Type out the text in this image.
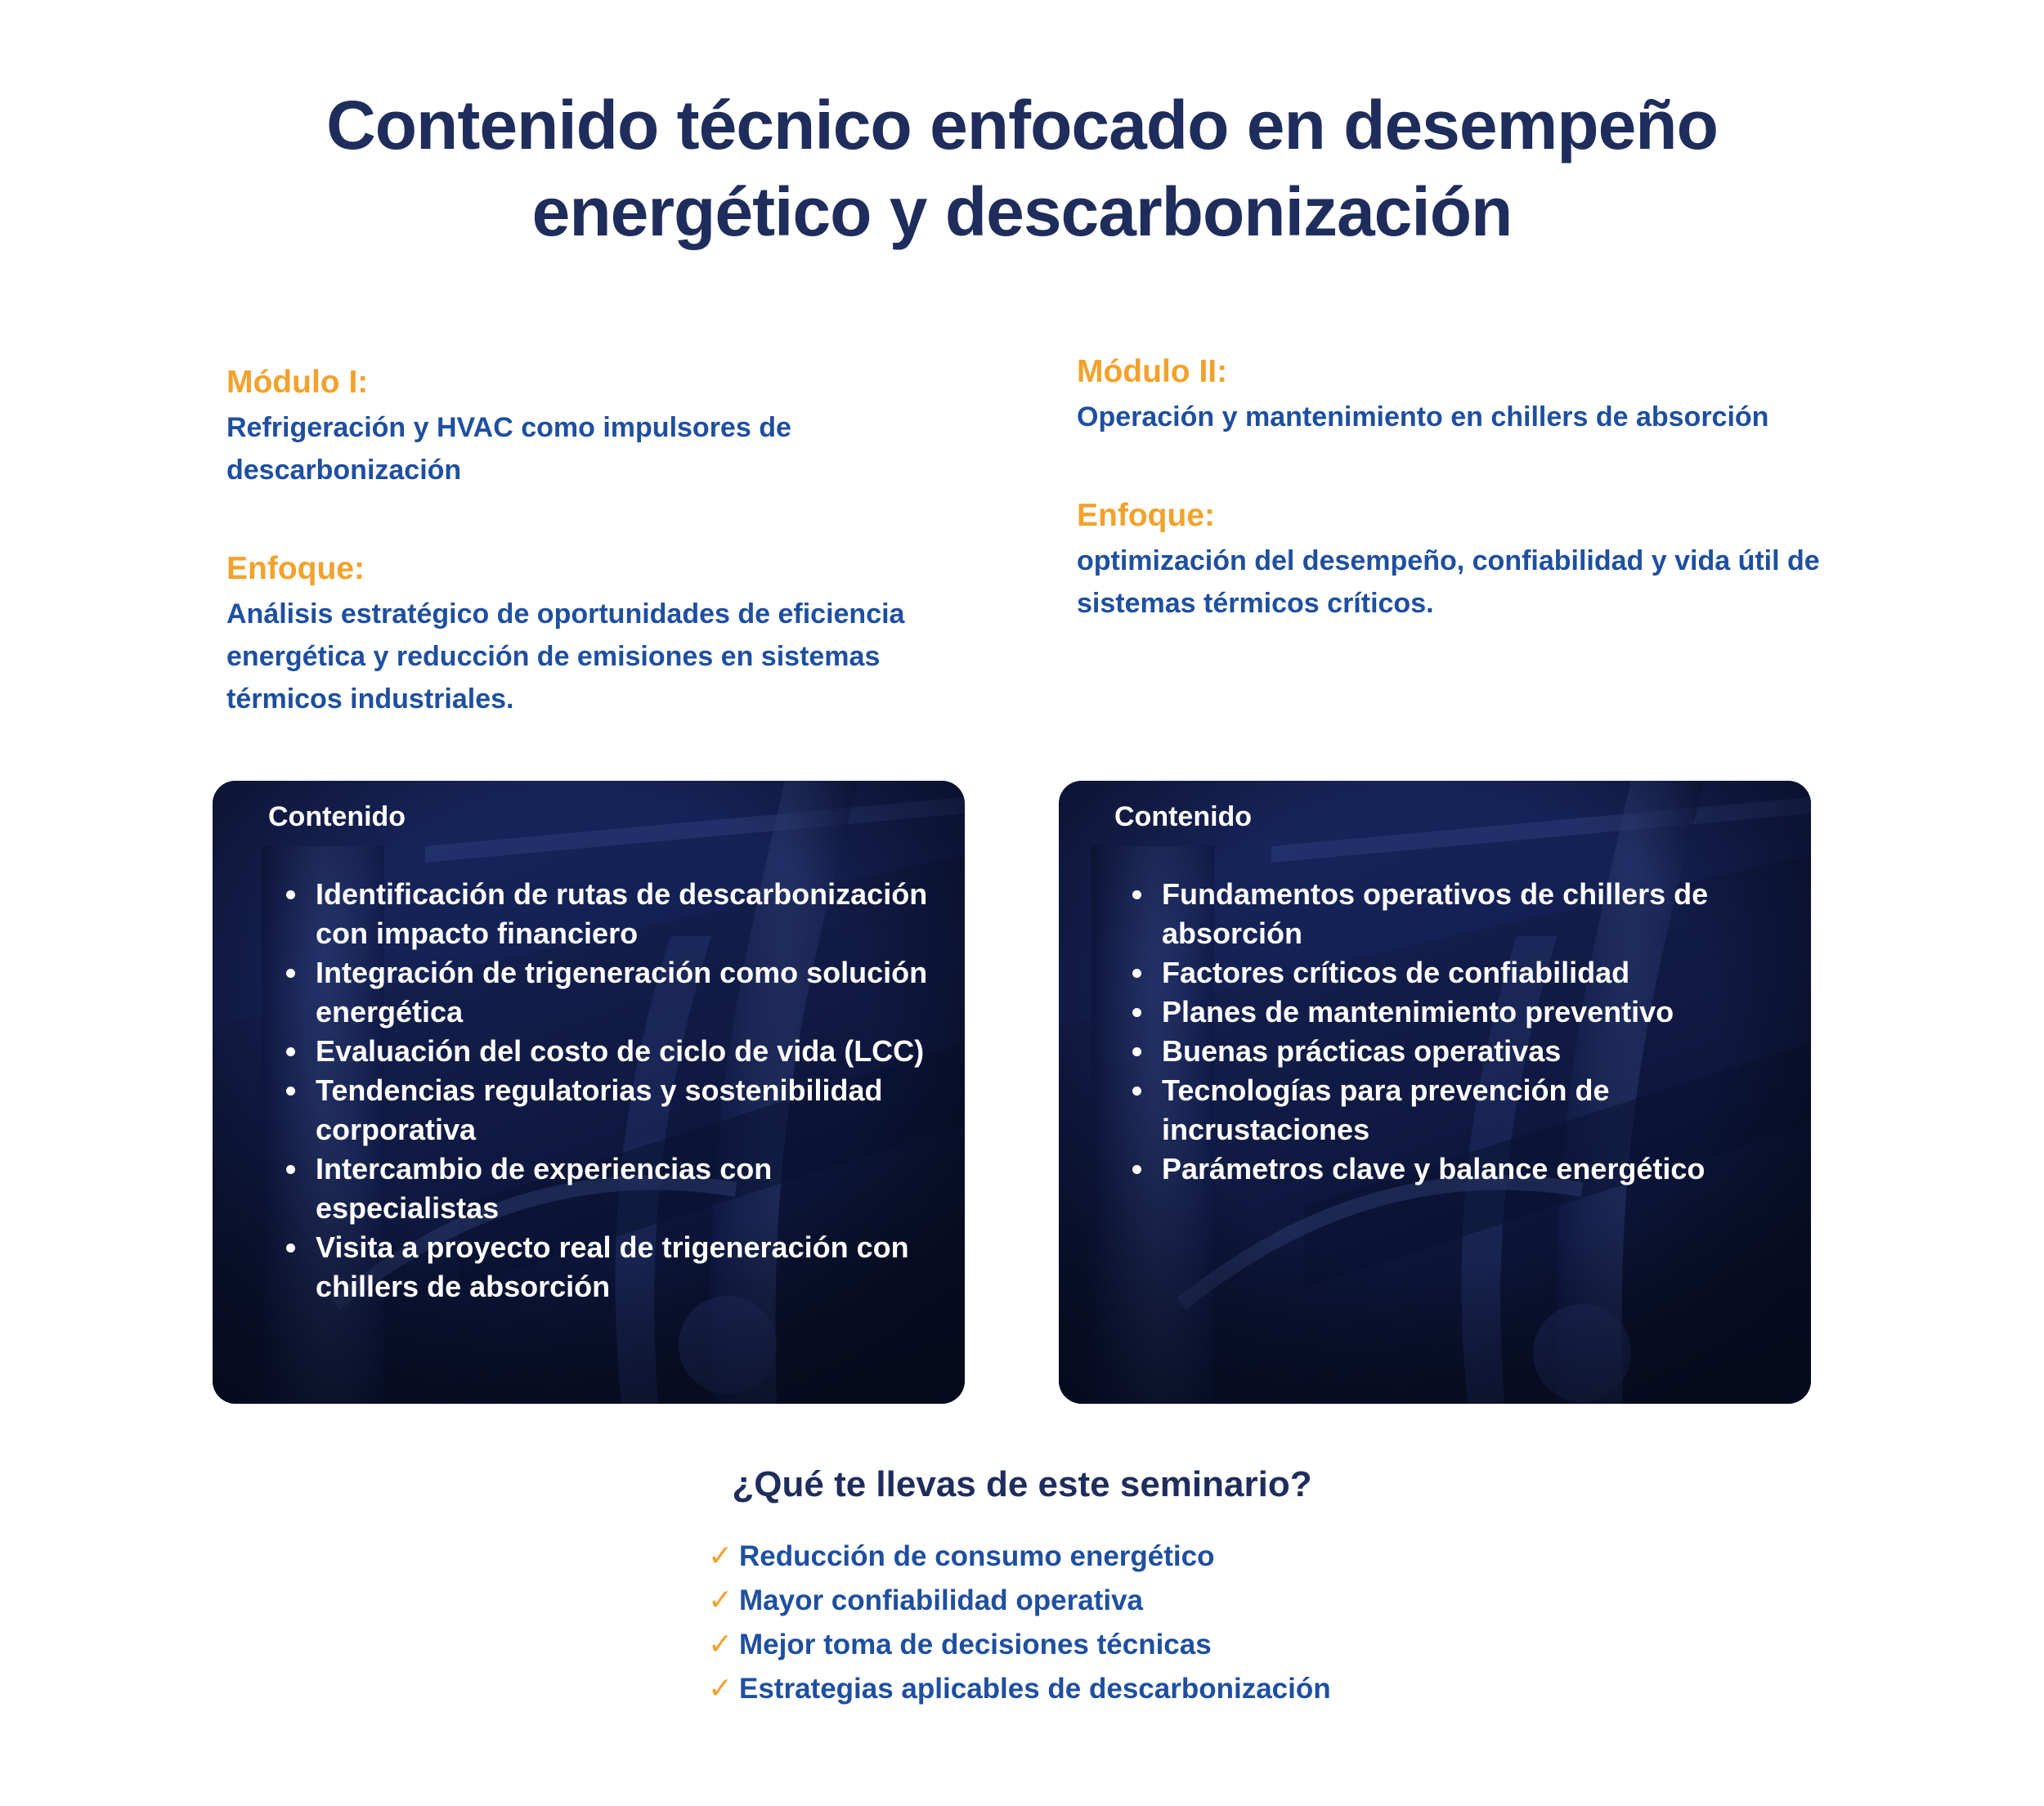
Contenido técnico enfocado en desempeño
energético y descarbonización

Módulo I:

Refrigeración y HVAC como impulsores de descarbonización

Enfoque:

Análisis estratégico de oportunidades de eficiencia energética y reducción de emisiones en sistemas térmicos industriales.

Módulo II:

Operación y mantenimiento en chillers de absorción

Enfoque:

optimización del desempeño, confiabilidad y vida útil de sistemas térmicos críticos.

Contenido

Identificación de rutas de descarbonización con impacto financiero
Integración de trigeneración como solución energética
Evaluación del costo de ciclo de vida (LCC)
Tendencias regulatorias y sostenibilidad corporativa
Intercambio de experiencias con especialistas
Visita a proyecto real de trigeneración con chillers de absorción

Contenido

Fundamentos operativos de chillers de absorción
Factores críticos de confiabilidad
Planes de mantenimiento preventivo
Buenas prácticas operativas
Tecnologías para prevención de incrustaciones
Parámetros clave y balance energético
¿Qué te llevas de este seminario?
✓ Reducción de consumo energético
✓ Mayor confiabilidad operativa
✓ Mejor toma de decisiones técnicas
✓ Estrategias aplicables de descarbonización
